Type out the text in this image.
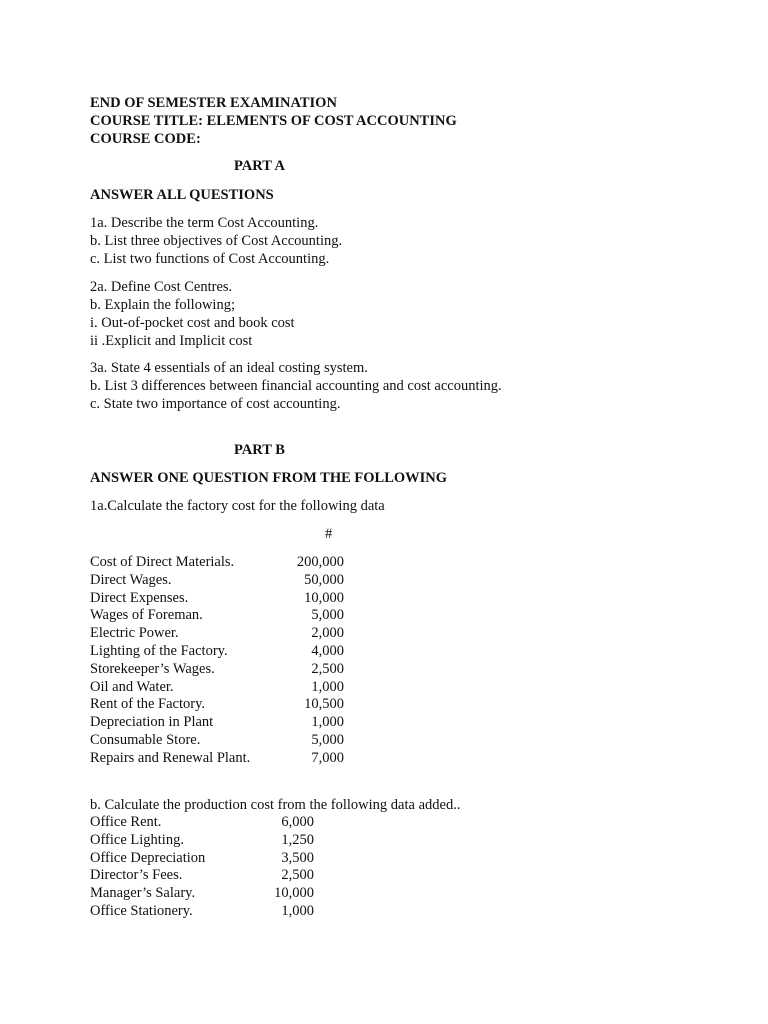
END OF SEMESTER EXAMINATION
COURSE TITLE: ELEMENTS OF COST ACCOUNTING
COURSE CODE:
PART A
ANSWER ALL QUESTIONS
1a. Describe the term Cost Accounting.
b. List three objectives of Cost Accounting.
c. List two functions of Cost Accounting.
2a. Define Cost Centres.
b. Explain the following;
i. Out-of-pocket cost and book cost
ii .Explicit and Implicit cost
3a. State 4 essentials of an ideal costing system.
b. List 3 differences between financial accounting and cost accounting.
c. State two importance of cost accounting.
PART B
ANSWER ONE QUESTION FROM THE FOLLOWING
1a.Calculate the factory cost for the following data
#
Cost of Direct Materials.	200,000
Direct Wages.	50,000
Direct Expenses.	10,000
Wages of Foreman.	5,000
Electric Power.	2,000
Lighting of the Factory.	4,000
Storekeeper’s Wages.	2,500
Oil and Water.	1,000
Rent of the Factory.	10,500
Depreciation in Plant	1,000
Consumable Store.	5,000
Repairs and Renewal Plant.	7,000
b. Calculate the production cost from the following data added..
Office Rent.	6,000
Office Lighting.	1,250
Office Depreciation	3,500
Director’s Fees.	2,500
Manager’s Salary.	10,000
Office Stationery.	1,000
